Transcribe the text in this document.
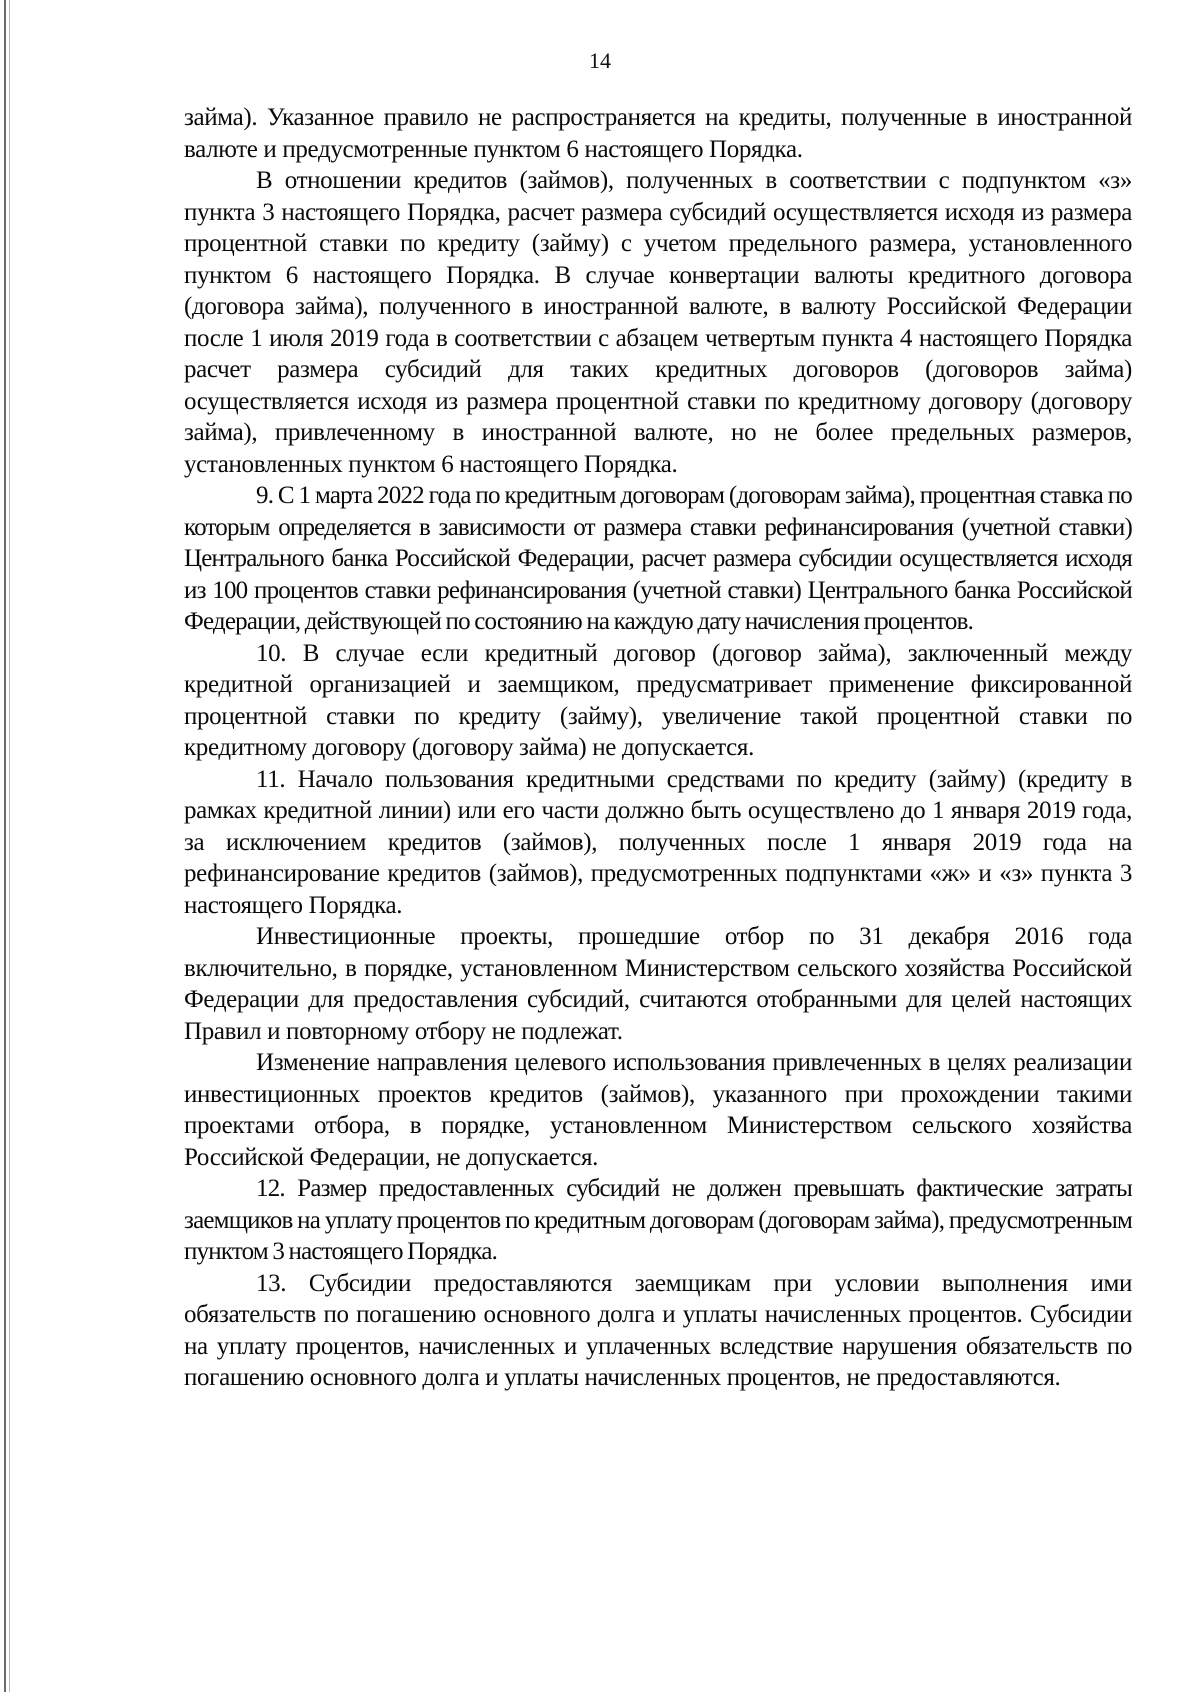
14

займа). Указанное правило не распространяется на кредиты, полученные в иностранной валюте и предусмотренные пунктом 6 настоящего Порядка.

В отношении кредитов (займов), полученных в соответствии с подпунктом «з» пункта 3 настоящего Порядка, расчет размера субсидий осуществляется исходя из размера процентной ставки по кредиту (займу) с учетом предельного размера, установленного пунктом 6 настоящего Порядка. В случае конвертации валюты кредитного договора (договора займа), полученного в иностранной валюте, в валюту Российской Федерации после 1 июля 2019 года в соответствии с абзацем четвертым пункта 4 настоящего Порядка расчет размера субсидий для таких кредитных договоров (договоров займа) осуществляется исходя из размера процентной ставки по кредитному договору (договору займа), привлеченному в иностранной валюте, но не более предельных размеров, установленных пунктом 6 настоящего Порядка.

9. С 1 марта 2022 года по кредитным договорам (договорам займа), процентная ставка по которым определяется в зависимости от размера ставки рефинансирования (учетной ставки) Центрального банка Российской Федерации, расчет размера субсидии осуществляется исходя из 100 процентов ставки рефинансирования (учетной ставки) Центрального банка Российской Федерации, действующей по состоянию на каждую дату начисления процентов.

10. В случае если кредитный договор (договор займа), заключенный между кредитной организацией и заемщиком, предусматривает применение фиксированной процентной ставки по кредиту (займу), увеличение такой процентной ставки по кредитному договору (договору займа) не допускается.

11. Начало пользования кредитными средствами по кредиту (займу) (кредиту в рамках кредитной линии) или его части должно быть осуществлено до 1 января 2019 года, за исключением кредитов (займов), полученных после 1 января 2019 года на рефинансирование кредитов (займов), предусмотренных подпунктами «ж» и «з» пункта 3 настоящего Порядка.

Инвестиционные проекты, прошедшие отбор по 31 декабря 2016 года включительно, в порядке, установленном Министерством сельского хозяйства Российской Федерации для предоставления субсидий, считаются отобранными для целей настоящих Правил и повторному отбору не подлежат.

Изменение направления целевого использования привлеченных в целях реализации инвестиционных проектов кредитов (займов), указанного при прохождении такими проектами отбора, в порядке, установленном Министерством сельского хозяйства Российской Федерации, не допускается.

12. Размер предоставленных субсидий не должен превышать фактические затраты заемщиков на уплату процентов по кредитным договорам (договорам займа), предусмотренным пунктом 3 настоящего Порядка.

13. Субсидии предоставляются заемщикам при условии выполнения ими обязательств по погашению основного долга и уплаты начисленных процентов. Субсидии на уплату процентов, начисленных и уплаченных вследствие нарушения обязательств по погашению основного долга и уплаты начисленных процентов, не предоставляются.
